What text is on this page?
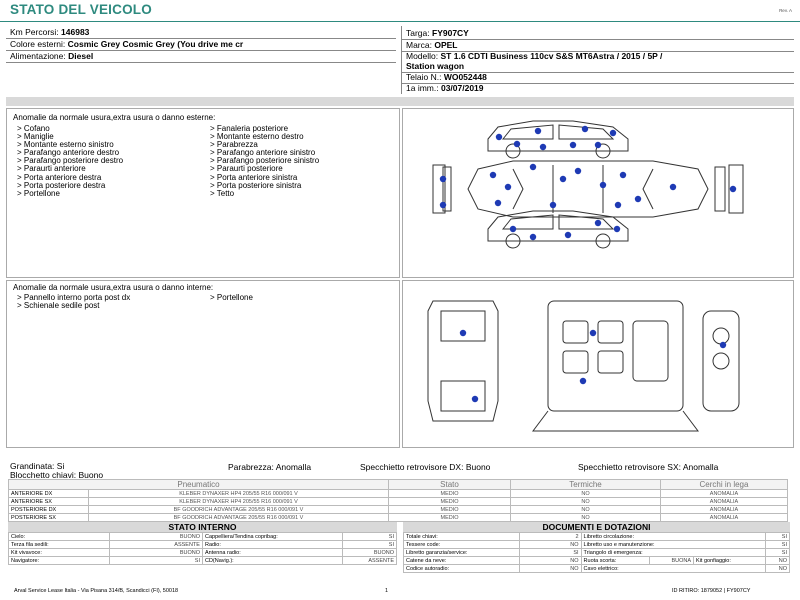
STATO DEL VEICOLO	Rev. A
Km Percorsi: 146983
Colore esterni: Cosmic Grey Cosmic Grey (You drive me cr
Alimentazione: Diesel
Targa: FY907CY
Marca: OPEL
Modello: ST 1.6 CDTI Business 110cv S&S MT6Astra / 2015 / 5P /
Station wagon
Telaio N.: WO052448
1a imm.: 03/07/2019
Anomalie da normale usura,extra usura o danno esterne:
> Cofano
> Maniglie
> Montante esterno sinistro
> Parafango anteriore destro
> Parafango posteriore destro
> Paraurti anteriore
> Porta anteriore destra
> Porta posteriore destra
> Portellone
> Fanaleria posteriore
> Montante esterno destro
> Parabrezza
> Parafango anteriore sinistro
> Parafango posteriore sinistro
> Paraurti posteriore
> Porta anteriore sinistra
> Porta posteriore sinistra
> Tetto
Anomalie da normale usura,extra usura o danno interne:
> Pannello interno porta post dx
> Schienale sedile post
> Portellone
Grandinata: Si
Blocchetto chiavi: Buono
Parabrezza: Anomalla	Specchietto retrovisore DX: Buono	Specchietto retrovisore SX: Anomalla
Pneumatico		Stato	Termiche	Cerchi in lega
ANTERIORE DX	KLEBER DYNAXER HP4 205/55 R16 000/091 V	MEDIO	NO	ANOMALIA
ANTERIORE SX	KLEBER DYNAXER HP4 205/55 R16 000/091 V	MEDIO	NO	ANOMALIA
POSTERIORE DX	BF GOODRICH ADVANTAGE 205/55 R16 000/091 V	MEDIO	NO	ANOMALIA
POSTERIORE SX	BF GOODRICH ADVANTAGE 205/55 R16 000/091 V	MEDIO	NO	ANOMALIA
STATO INTERNO
Cielo:	BUONO	Cappelliera/Tendina copribag:	SI
Terza fila sedili:	ASSENTE	Radio:	SI
Kit vivavoce:	BUONO	Antenna radio:	BUONO
Navigatore:	SI	CD(Navig.):	ASSENTE
DOCUMENTI E DOTAZIONI
Totale chiavi:	2	Libretto circolazione:			SI
Tessere code:	NO	Libretto uso e manutenzione:			SI
Libretto garanzia/service:	SI	Triangolo di emergenza:			SI
Catene da neve:	NO	Ruota scorta:	BUONA	Kit gonfiaggio:	NO
Codice autoradio:	NO	Cavo elettrico:			NO
Arval Service Lease Italia - Via Pisana 314/B, Scandicci (FI), 50018	1	ID RITIRO: 1879052 | FY907CY
